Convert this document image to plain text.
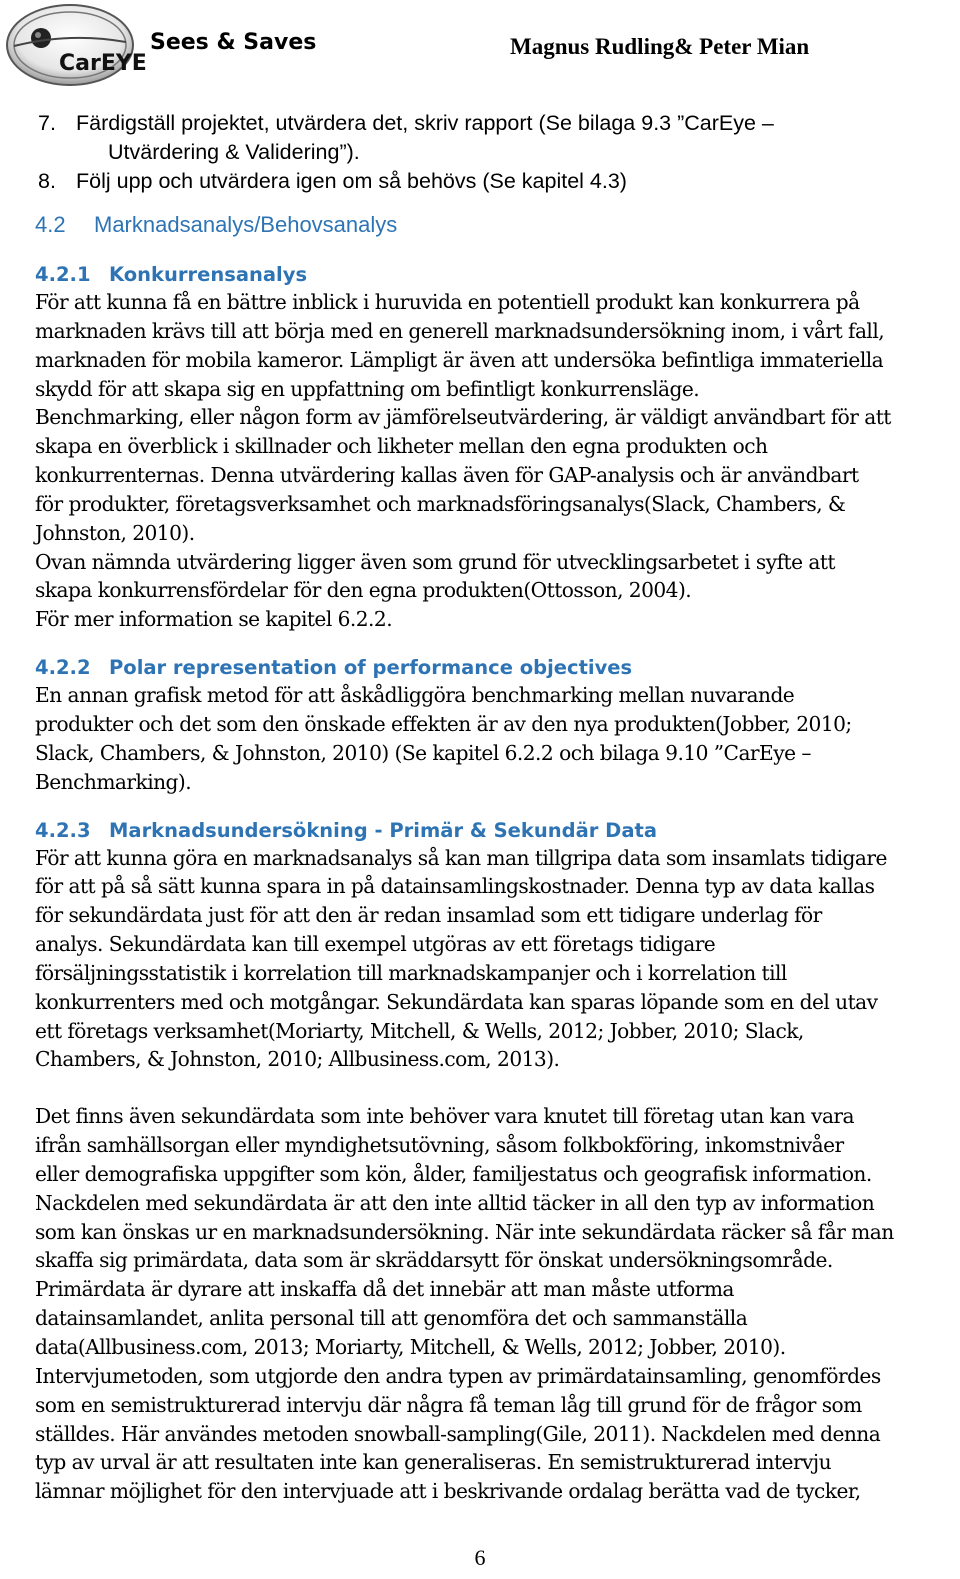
CarEYE
Sees & Saves	Magnus Rudling& Peter Mian
7. Färdigställ projektet, utvärdera det, skriv rapport (Se bilaga 9.3 ”CarEye –
Utvärdering & Validering”).
8. Följ upp och utvärdera igen om så behövs (Se kapitel 4.3)
4.2 Marknadsanalys/Behovsanalys
4.2.1 Konkurrensanalys

För att kunna få en bättre inblick i huruvida en potentiell produkt kan konkurrera på

marknaden krävs till att börja med en generell marknadsundersökning inom, i vårt fall,

marknaden för mobila kameror. Lämpligt är även att undersöka befintliga immateriella

skydd för att skapa sig en uppfattning om befintligt konkurrensläge.

Benchmarking, eller någon form av jämförelseutvärdering, är väldigt användbart för att

skapa en överblick i skillnader och likheter mellan den egna produkten och

konkurrenternas. Denna utvärdering kallas även för GAP-analysis och är användbart

för produkter, företagsverksamhet och marknadsföringsanalys(Slack, Chambers, &

Johnston, 2010).

Ovan nämnda utvärdering ligger även som grund för utvecklingsarbetet i syfte att

skapa konkurrensfördelar för den egna produkten(Ottosson, 2004).

För mer information se kapitel 6.2.2.

4.2.2 Polar representation of performance objectives

En annan grafisk metod för att åskådliggöra benchmarking mellan nuvarande

produkter och det som den önskade effekten är av den nya produkten(Jobber, 2010;

Slack, Chambers, & Johnston, 2010) (Se kapitel 6.2.2 och bilaga 9.10 ”CarEye –

Benchmarking).

4.2.3 Marknadsundersökning - Primär & Sekundär Data

För att kunna göra en marknadsanalys så kan man tillgripa data som insamlats tidigare

för att på så sätt kunna spara in på datainsamlingskostnader. Denna typ av data kallas

för sekundärdata just för att den är redan insamlad som ett tidigare underlag för

analys. Sekundärdata kan till exempel utgöras av ett företags tidigare

försäljningsstatistik i korrelation till marknadskampanjer och i korrelation till

konkurrenters med och motgångar. Sekundärdata kan sparas löpande som en del utav

ett företags verksamhet(Moriarty, Mitchell, & Wells, 2012; Jobber, 2010; Slack,

Chambers, & Johnston, 2010; Allbusiness.com, 2013).

Det finns även sekundärdata som inte behöver vara knutet till företag utan kan vara

ifrån samhällsorgan eller myndighetsutövning, såsom folkbokföring, inkomstnivåer

eller demografiska uppgifter som kön, ålder, familjestatus och geografisk information.

Nackdelen med sekundärdata är att den inte alltid täcker in all den typ av information

som kan önskas ur en marknadsundersökning. När inte sekundärdata räcker så får man

skaffa sig primärdata, data som är skräddarsytt för önskat undersökningsområde.

Primärdata är dyrare att inskaffa då det innebär att man måste utforma

datainsamlandet, anlita personal till att genomföra det och sammanställa

data(Allbusiness.com, 2013; Moriarty, Mitchell, & Wells, 2012; Jobber, 2010).

Intervjumetoden, som utgjorde den andra typen av primärdatainsamling, genomfördes

som en semistrukturerad intervju där några få teman låg till grund för de frågor som

ställdes. Här användes metoden snowball-sampling(Gile, 2011). Nackdelen med denna

typ av urval är att resultaten inte kan generaliseras. En semistrukturerad intervju

lämnar möjlighet för den intervjuade att i beskrivande ordalag berätta vad de tycker,

6
